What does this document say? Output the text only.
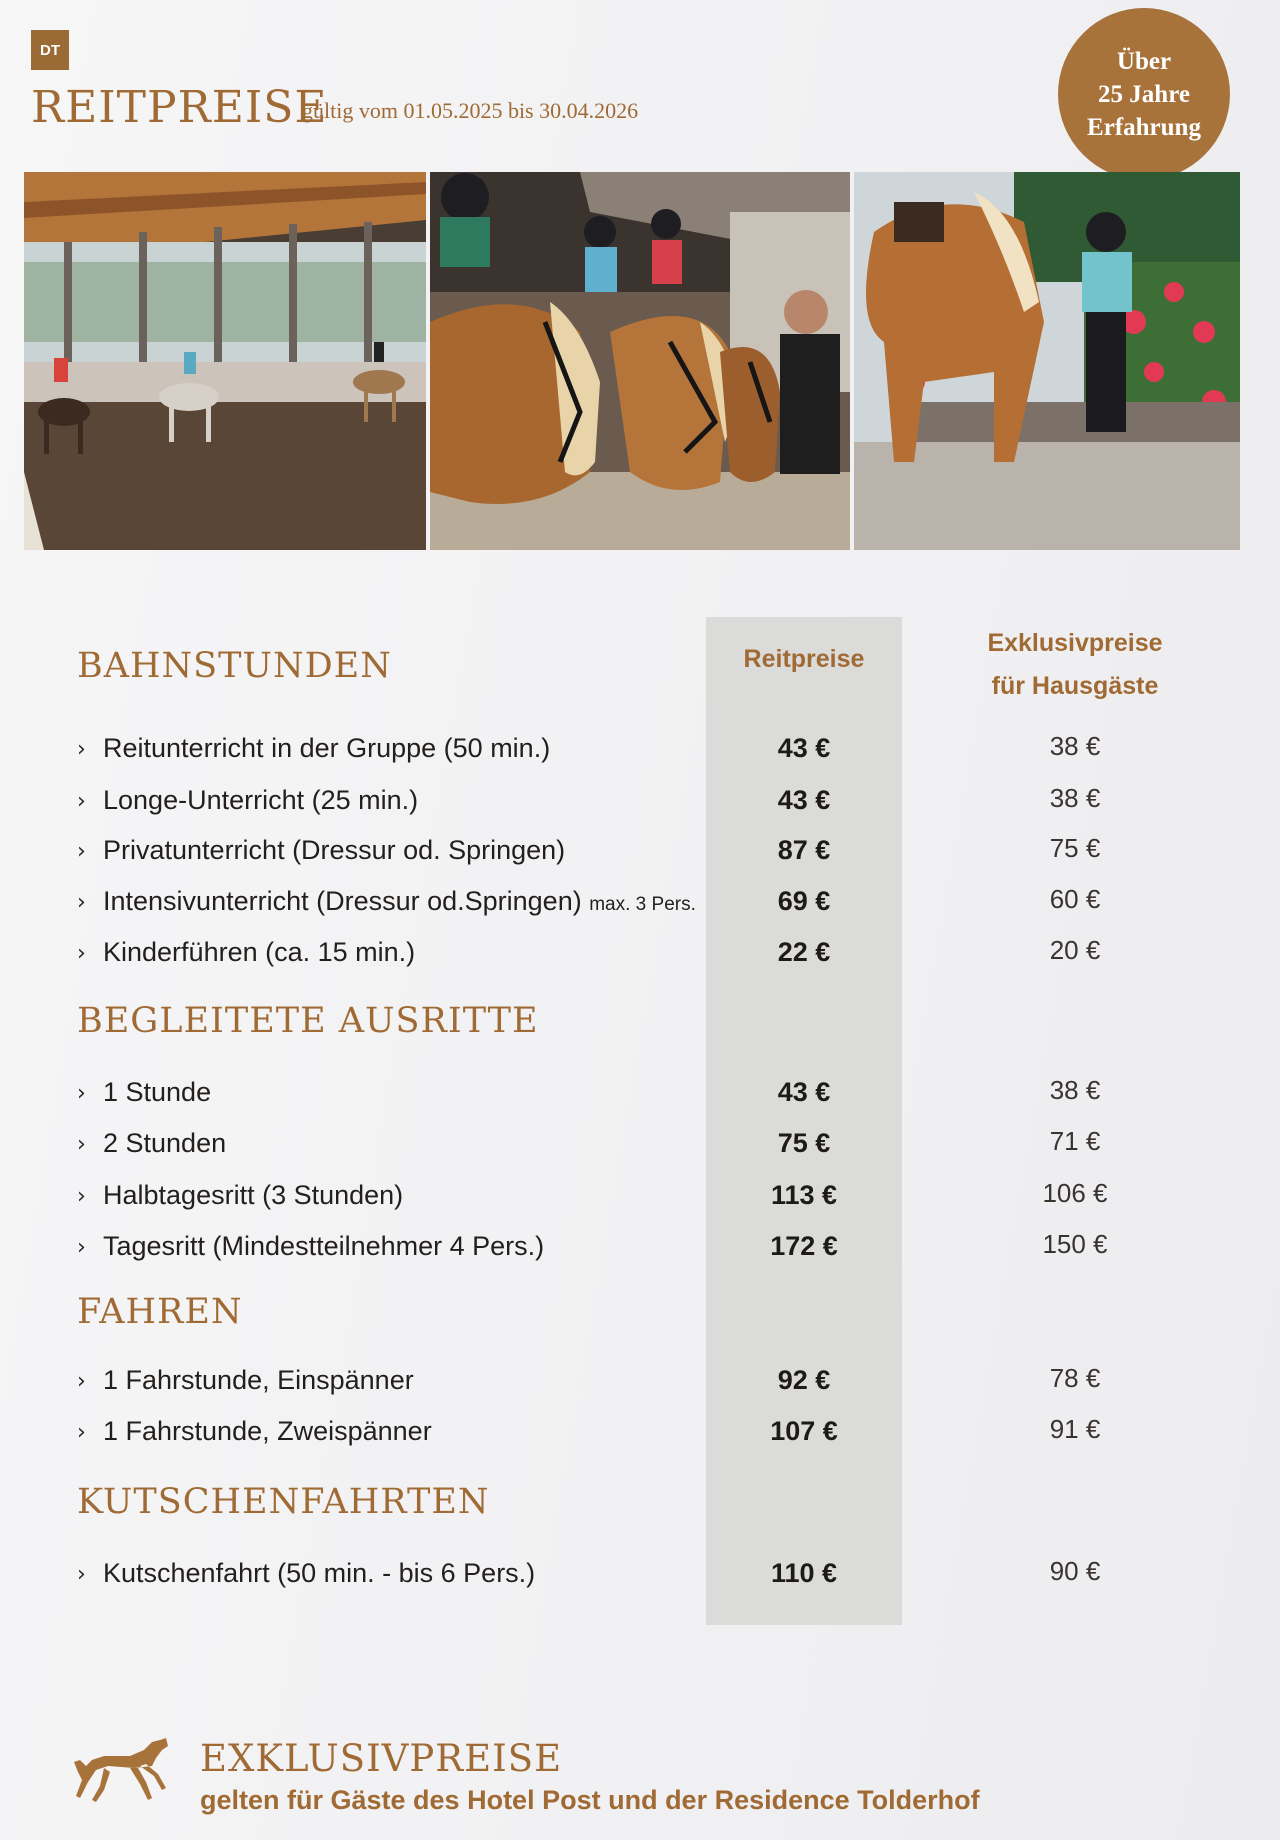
DT
REITPREISE
gültig vom 01.05.2025 bis 30.04.2026
Über
25 Jahre
Erfahrung
Reitpreise
Exklusivpreise
für Hausgäste
BAHNSTUNDEN
› Reitunterricht in der Gruppe (50 min.)	43 €	38 €
› Longe-Unterricht (25 min.)	43 €	38 €
› Privatunterricht (Dressur od. Springen)	87 €	75 €
› Intensivunterricht (Dressur od.Springen) max. 3 Pers.	69 €	60 €
› Kinderführen (ca. 15 min.)	22 €	20 €
BEGLEITETE AUSRITTE
› 1 Stunde	43 €	38 €
› 2 Stunden	75 €	71 €
› Halbtagesritt (3 Stunden)	113 €	106 €
› Tagesritt (Mindestteilnehmer 4 Pers.)	172 €	150 €
FAHREN
› 1 Fahrstunde, Einspänner	92 €	78 €
› 1 Fahrstunde, Zweispänner	107 €	91 €
KUTSCHENFAHRTEN
› Kutschenfahrt (50 min. - bis 6 Pers.)	110 €	90 €
EXKLUSIVPREISE
gelten für Gäste des Hotel Post und der Residence Tolderhof
